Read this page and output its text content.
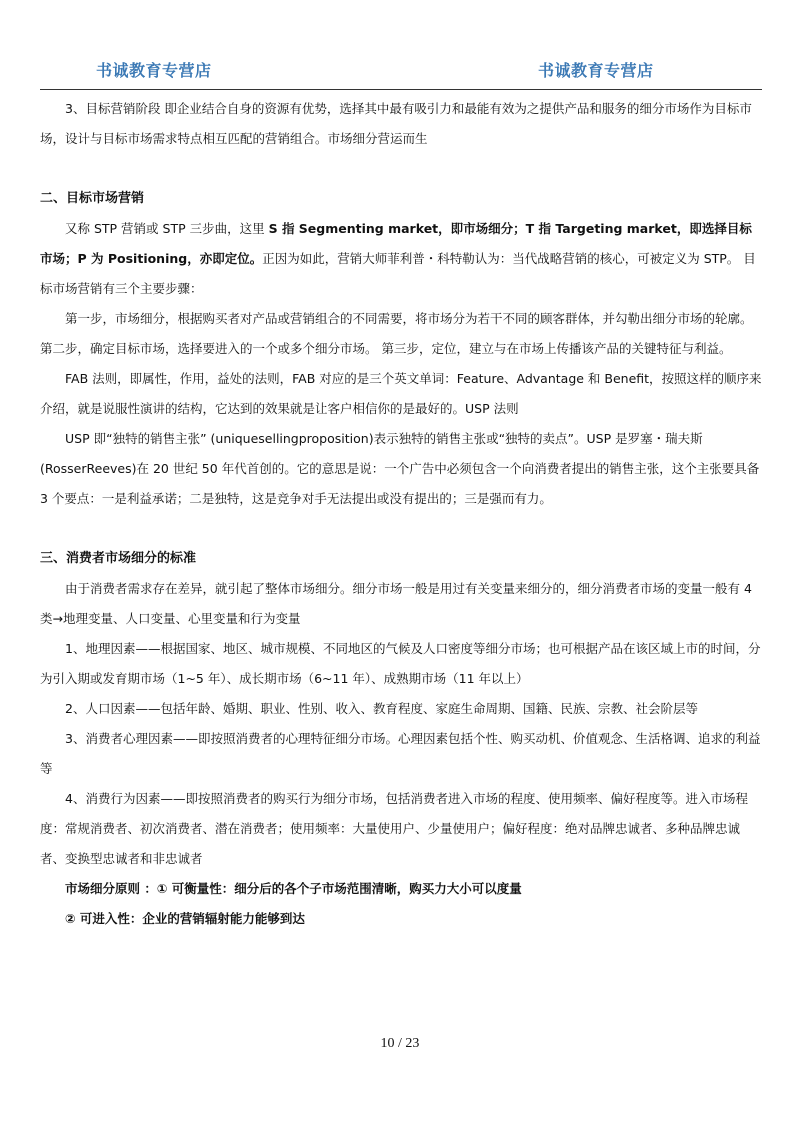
书诚教育专营店	书诚教育专营店

3、目标营销阶段 即企业结合自身的资源有优势，选择其中最有吸引力和最能有效为之提供产品和服务的细分市场作为目标市场，设计与目标市场需求特点相互匹配的营销组合。市场细分营运而生

二、目标市场营销

又称 STP 营销或 STP 三步曲，这里 S 指 Segmenting market，即市场细分；T 指 Targeting market，即选择目标市场；P 为 Positioning，亦即定位。正因为如此，营销大师菲利普・科特勒认为：当代战略营销的核心，可被定义为 STP。 目标市场营销有三个主要步骤：

第一步，市场细分，根据购买者对产品或营销组合的不同需要，将市场分为若干不同的顾客群体，并勾勒出细分市场的轮廓。 第二步，确定目标市场，选择要进入的一个或多个细分市场。 第三步，定位，建立与在市场上传播该产品的关键特征与利益。

FAB 法则，即属性，作用，益处的法则，FAB 对应的是三个英文单词：Feature、Advantage 和 Benefit，按照这样的顺序来介绍，就是说服性演讲的结构，它达到的效果就是让客户相信你的是最好的。USP 法则

USP 即“独特的销售主张” (uniquesellingproposition)表示独特的销售主张或“独特的卖点”。USP 是罗塞・瑞夫斯(RosserReeves)在 20 世纪 50 年代首创的。它的意思是说：一个广告中必须包含一个向消费者提出的销售主张，这个主张要具备 3 个要点：一是利益承诺；二是独特，这是竞争对手无法提出或没有提出的；三是强而有力。

三、消费者市场细分的标准

由于消费者需求存在差异，就引起了整体市场细分。细分市场一般是用过有关变量来细分的，细分消费者市场的变量一般有 4 类→地理变量、人口变量、心里变量和行为变量

1、地理因素——根据国家、地区、城市规模、不同地区的气候及人口密度等细分市场；也可根据产品在该区域上市的时间，分为引入期或发育期市场（1~5 年）、成长期市场（6~11 年）、成熟期市场（11 年以上）

2、人口因素——包括年龄、婚期、职业、性别、收入、教育程度、家庭生命周期、国籍、民族、宗教、社会阶层等

3、消费者心理因素——即按照消费者的心理特征细分市场。心理因素包括个性、购买动机、价值观念、生活格调、追求的利益等

4、消费行为因素——即按照消费者的购买行为细分市场，包括消费者进入市场的程度、使用频率、偏好程度等。进入市场程度：常规消费者、初次消费者、潜在消费者；使用频率：大量使用户、少量使用户；偏好程度：绝对品牌忠诚者、多种品牌忠诚者、变换型忠诚者和非忠诚者

市场细分原则 ：① 可衡量性：细分后的各个子市场范围清晰，购买力大小可以度量

② 可进入性：企业的营销辐射能力能够到达

10 / 23
